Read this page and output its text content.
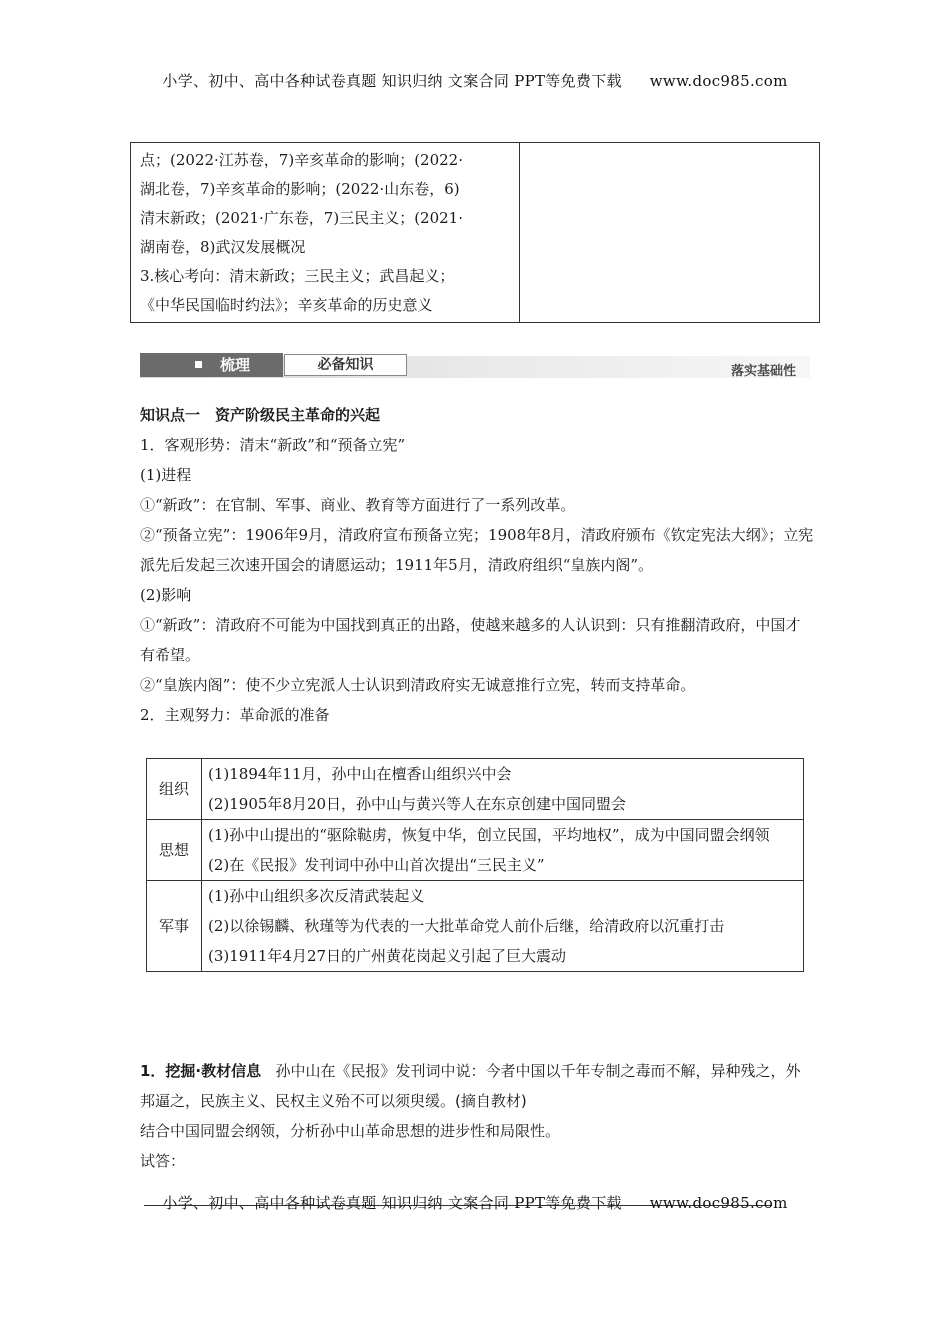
小学、初中、高中各种试卷真题 知识归纳 文案合同 PPT等免费下载 www.doc985.com
点；(2022·江苏卷，7)辛亥革命的影响；(2022·
湖北卷，7)辛亥革命的影响；(2022·山东卷，6)
清末新政；(2021·广东卷，7)三民主义；(2021·
湖南卷，8)武汉发展概况
3.核心考向：清末新政；三民主义；武昌起义；
《中华民国临时约法》；辛亥革命的历史意义

梳理	必备知识	落实基础性

知识点一　资产阶级民主革命的兴起

1．客观形势：清末“新政”和“预备立宪”

(1)进程

①“新政”：在官制、军事、商业、教育等方面进行了一系列改革。

②“预备立宪”：1906年9月，清政府宣布预备立宪；1908年8月，清政府颁布《钦定宪法大纲》；立宪派先后发起三次速开国会的请愿运动；1911年5月，清政府组织“皇族内阁”。

(2)影响

①“新政”：清政府不可能为中国找到真正的出路，使越来越多的人认识到：只有推翻清政府，中国才有希望。

②“皇族内阁”：使不少立宪派人士认识到清政府实无诚意推行立宪，转而支持革命。

2．主观努力：革命派的准备

组织	(1)1894年11月，孙中山在檀香山组织兴中会
(2)1905年8月20日，孙中山与黄兴等人在东京创建中国同盟会

思想	(1)孙中山提出的“驱除鞑虏，恢复中华，创立民国，平均地权”，成为中国同盟会纲领
(2)在《民报》发刊词中孙中山首次提出“三民主义”

军事	(1)孙中山组织多次反清武装起义
(2)以徐锡麟、秋瑾等为代表的一大批革命党人前仆后继，给清政府以沉重打击
(3)1911年4月27日的广州黄花岗起义引起了巨大震动

1．挖掘·教材信息 孙中山在《民报》发刊词中说：今者中国以千年专制之毒而不解，异种残之，外邦逼之，民族主义、民权主义殆不可以须臾缓。(摘自教材)

结合中国同盟会纲领，分析孙中山革命思想的进步性和局限性。

试答：

小学、初中、高中各种试卷真题 知识归纳 文案合同 PPT等免费下载 www.doc985.com
